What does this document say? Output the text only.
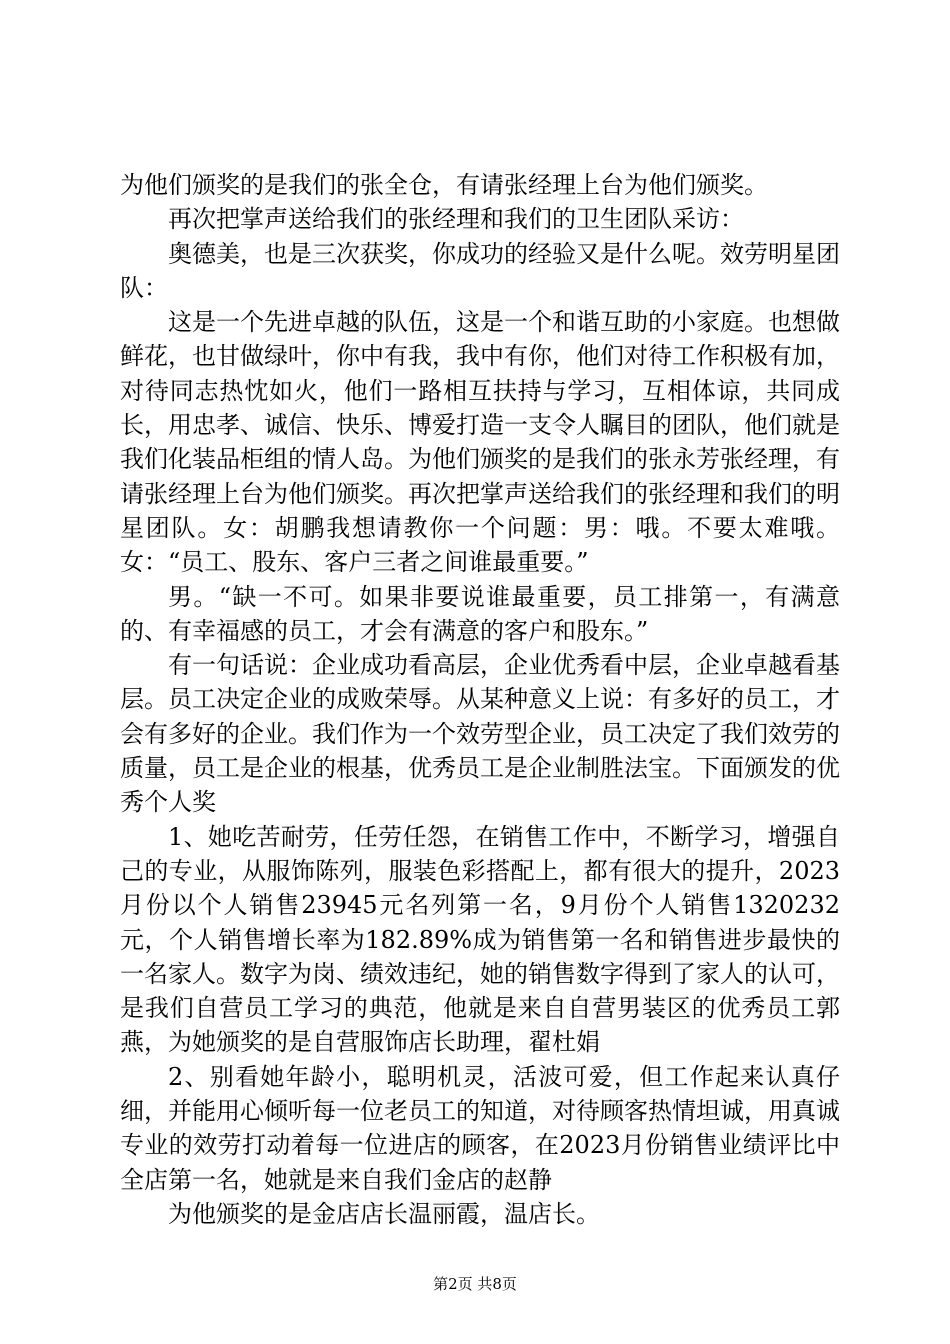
为他们颁奖的是我们的张全仓，有请张经理上台为他们颁奖。

再次把掌声送给我们的张经理和我们的卫生团队采访：

奥德美，也是三次获奖，你成功的经验又是什么呢。效劳明星团队：

这是一个先进卓越的队伍，这是一个和谐互助的小家庭。也想做鲜花，也甘做绿叶，你中有我，我中有你，他们对待工作积极有加，对待同志热忱如火，他们一路相互扶持与学习，互相体谅，共同成长，用忠孝、诚信、快乐、博爱打造一支令人瞩目的团队，他们就是我们化装品柜组的情人岛。为他们颁奖的是我们的张永芳张经理，有请张经理上台为他们颁奖。再次把掌声送给我们的张经理和我们的明星团队。女：胡鹏我想请教你一个问题：男：哦。不要太难哦。女：“员工、股东、客户三者之间谁最重要。”

男。“缺一不可。如果非要说谁最重要，员工排第一，有满意的、有幸福感的员工，才会有满意的客户和股东。”

有一句话说：企业成功看高层，企业优秀看中层，企业卓越看基层。员工决定企业的成败荣辱。从某种意义上说：有多好的员工，才会有多好的企业。我们作为一个效劳型企业，员工决定了我们效劳的质量，员工是企业的根基，优秀员工是企业制胜法宝。下面颁发的优秀个人奖

1、她吃苦耐劳，任劳任怨，在销售工作中，不断学习，增强自己的专业，从服饰陈列，服装色彩搭配上，都有很大的提升，2023月份以个人销售23945元名列第一名，9月份个人销售1320232元，个人销售增长率为182.89%成为销售第一名和销售进步最快的一名家人。数字为岗、绩效违纪，她的销售数字得到了家人的认可，是我们自营员工学习的典范，他就是来自自营男装区的优秀员工郭燕，为她颁奖的是自营服饰店长助理，翟杜娟

2、别看她年龄小，聪明机灵，活波可爱，但工作起来认真仔细，并能用心倾听每一位老员工的知道，对待顾客热情坦诚，用真诚专业的效劳打动着每一位进店的顾客，在2023月份销售业绩评比中全店第一名，她就是来自我们金店的赵静

为他颁奖的是金店店长温丽霞，温店长。

第2页 共8页
